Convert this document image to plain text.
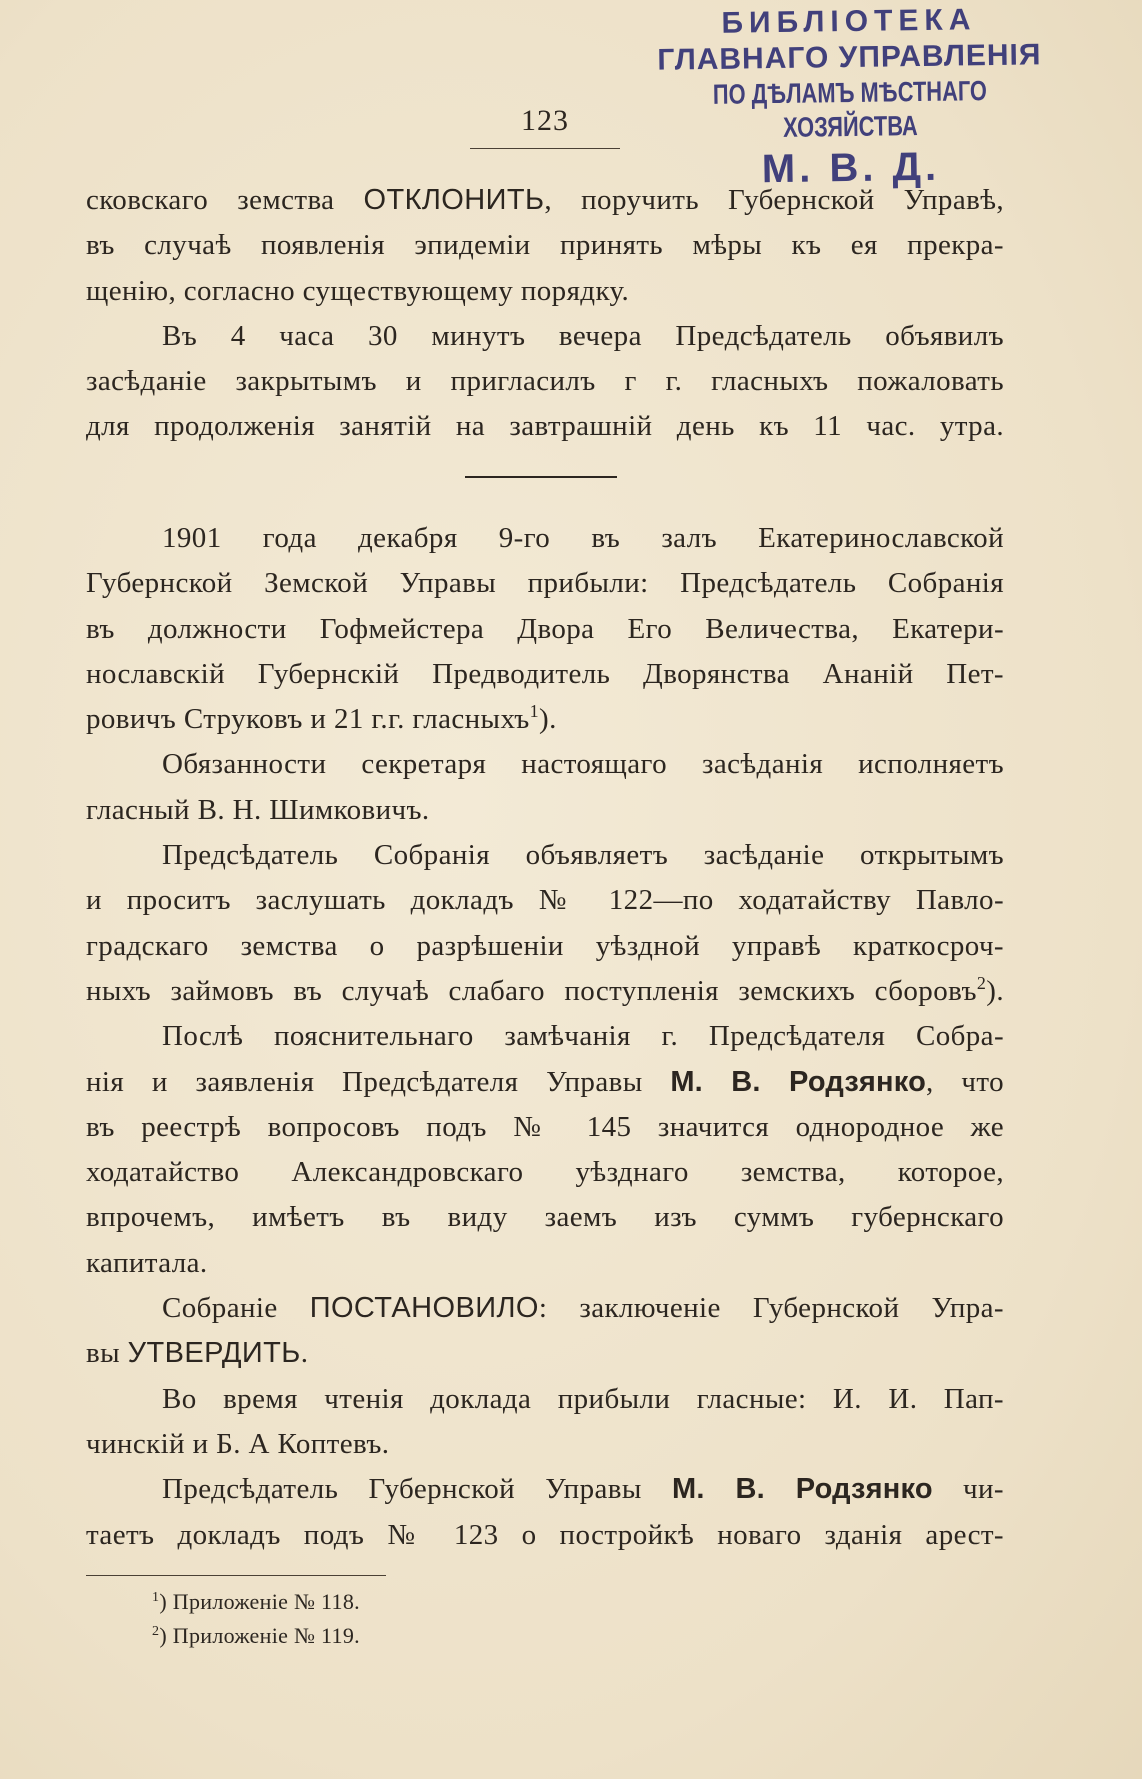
БИБЛIОТЕКА
ГЛАВНАГО УПРАВЛЕНIЯ
ПО ДѢЛАМЪ МѢСТНАГО ХОЗЯЙСТВА
М. В. Д.
123

сковскаго земства ОТКЛОНИТЬ, поручить Губернской Управѣ,

въ случаѣ появленія эпидеміи принять мѣры къ ея прекра-

щенію, согласно существующему порядку.

Въ 4 часа 30 минутъ вечера Предсѣдатель объявилъ

засѣданіе закрытымъ и пригласилъ г г. гласныхъ пожаловать

для продолженія занятій на завтрашній день къ 11 час. утра.

1901 года декабря 9-го въ залъ Екатеринославской

Губернской Земской Управы прибыли: Предсѣдатель Собранія

въ должности Гофмейстера Двора Его Величества, Екатери-

нославскій Губернскій Предводитель Дворянства Ананій Пет-

ровичъ Струковъ и 21 г.г. гласныхъ$^1$).

Обязанности секретаря настоящаго засѣданія исполняетъ

гласный В. Н. Шимковичъ.

Предсѣдатель Собранія объявляетъ засѣданіе открытымъ

и проситъ заслушать докладъ № 122—по ходатайству Павло-

градскаго земства о разрѣшеніи уѣздной управѣ краткосроч-

ныхъ займовъ въ случаѣ слабаго поступленія земскихъ сборовъ$^2$).

Послѣ пояснительнаго замѣчанія г. Предсѣдателя Собра-

нія и заявленія Предсѣдателя Управы М. В. Родзянко, что

въ реестрѣ вопросовъ подъ № 145 значится однородное же

ходатайство Александровскаго уѣзднаго земства, которое,

впрочемъ, имѣетъ въ виду заемъ изъ суммъ губернскаго

капитала.

Собраніе ПОСТАНОВИЛО: заключеніе Губернской Упра-

вы УТВЕРДИТЬ.

Во время чтенія доклада прибыли гласные: И. И. Пап-

чинскій и Б. А Коптевъ.

Предсѣдатель Губернской Управы М. В. Родзянко чи-

таетъ докладъ подъ № 123 о постройкѣ новаго зданія арест-

$^1$) Приложеніе № 118.
$^2$) Приложеніе № 119.
